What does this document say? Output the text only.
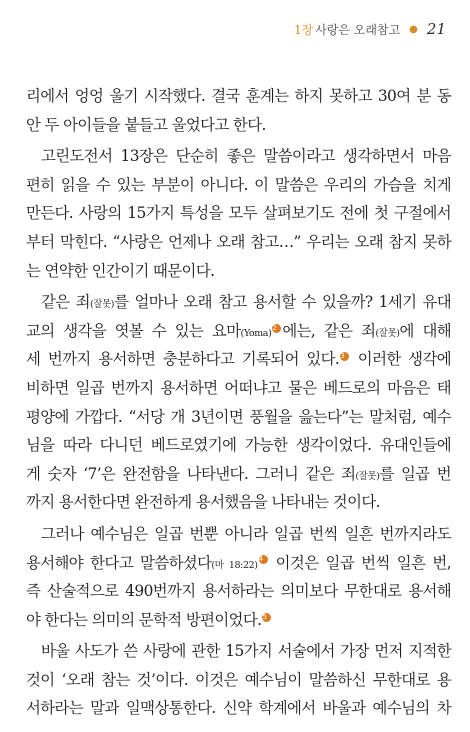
1장 사랑은 오래참고 ● 21
리에서 엉엉 울기 시작했다. 결국 훈계는 하지 못하고 30여 분 동
안 두 아이들을 붙들고 울었다고 한다.
고린도전서 13장은 단순히 좋은 말씀이라고 생각하면서 마음
편히 읽을 수 있는 부분이 아니다. 이 말씀은 우리의 가슴을 치게
만든다. 사랑의 15가지 특성을 모두 살펴보기도 전에 첫 구절에서
부터 막힌다. “사랑은 언제나 오래 참고…” 우리는 오래 참지 못하
는 연약한 인간이기 때문이다.
같은 죄(잘못)를 얼마나 오래 참고 용서할 수 있을까? 1세기 유대
교의 생각을 엿볼 수 있는 요마(Yoma)2 에는, 같은 죄(잘못)에 대해
세 번까지 용서하면 충분하다고 기록되어 있다.3 이러한 생각에
비하면 일곱 번까지 용서하면 어떠냐고 물은 베드로의 마음은 태
평양에 가깝다. “서당 개 3년이면 풍월을 읊는다”는 말처럼, 예수
님을 따라 다니던 베드로였기에 가능한 생각이었다. 유대인들에
게 숫자 ‘7’은 완전함을 나타낸다. 그러니 같은 죄(잘못)를 일곱 번
까지 용서한다면 완전하게 용서했음을 나타내는 것이다.
그러나 예수님은 일곱 번뿐 아니라 일곱 번씩 일흔 번까지라도
용서해야 한다고 말씀하셨다(마 18:22)4 이것은 일곱 번씩 일흔 번,
즉 산술적으로 490번까지 용서하라는 의미보다 무한대로 용서해
야 한다는 의미의 문학적 방편이었다.5
바울 사도가 쓴 사랑에 관한 15가지 서술에서 가장 먼저 지적한
것이 ‘오래 참는 것’이다. 이것은 예수님이 말씀하신 무한대로 용
서하라는 말과 일맥상통한다. 신약 학계에서 바울과 예수님의 차
